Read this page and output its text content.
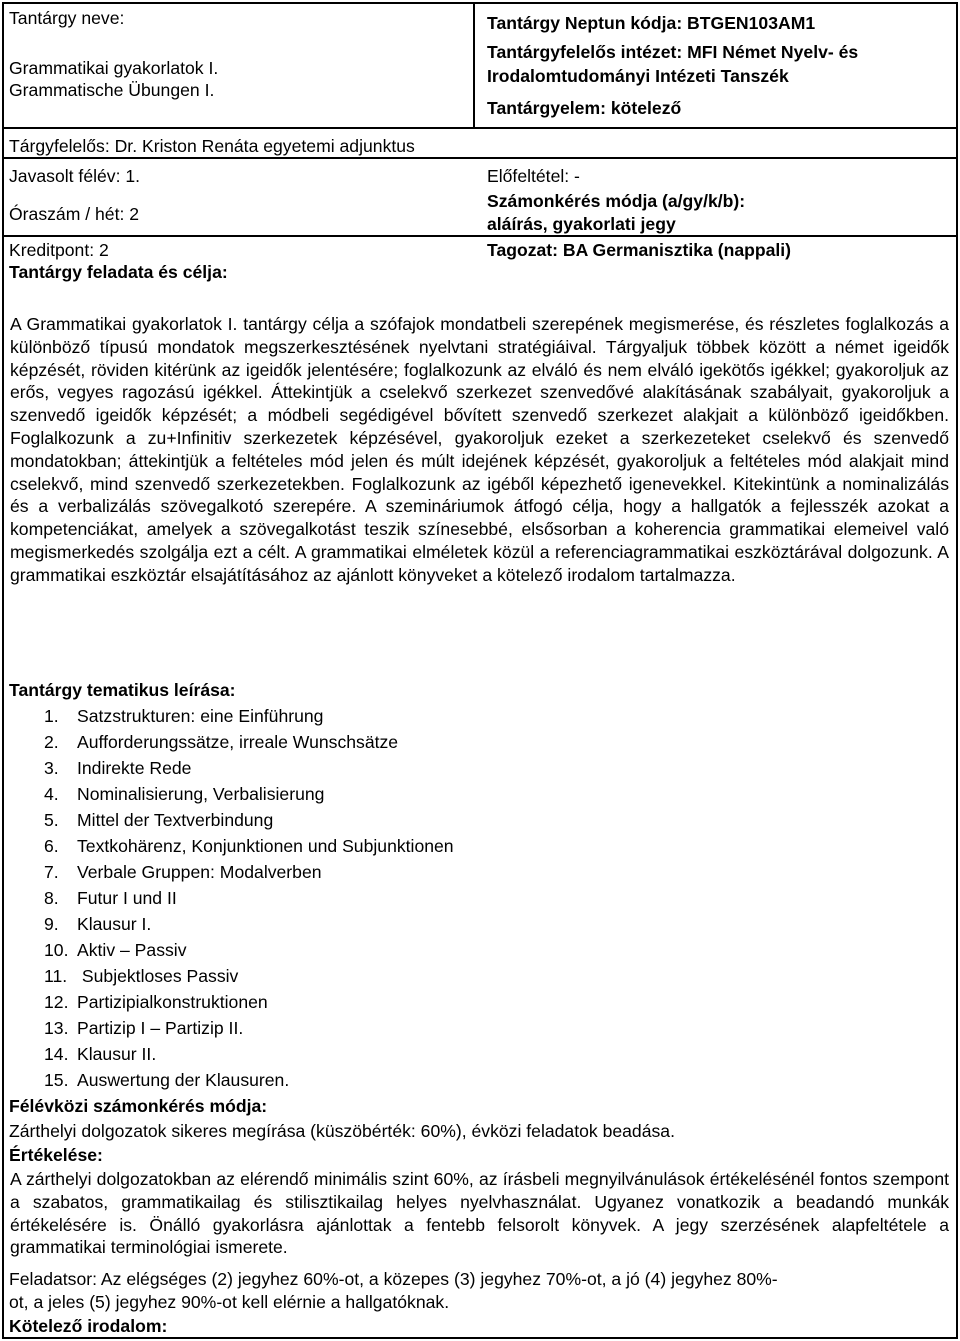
Tantárgy neve:
Grammatikai gyakorlatok I.
Grammatische Übungen I.
Tantárgy Neptun kódja: BTGEN103AM1
Tantárgyfelelős intézet: MFI Német Nyelv- és
Irodalomtudományi Intézeti Tanszék
Tantárgyelem: kötelező
Tárgyfelelős: Dr. Kriston Renáta egyetemi adjunktus
Javasolt félév: 1.	Előfeltétel: -
Óraszám / hét: 2
Számonkérés módja (a/gy/k/b):
aláírás, gyakorlati jegy
Kreditpont: 2	Tagozat: BA Germanisztika (nappali)
Tantárgy feladata és célja:

A Grammatikai gyakorlatok I. tantárgy célja a szófajok mondatbeli szerepének megismerése, és részletes foglalkozás a különböző típusú mondatok megszerkesztésének nyelvtani stratégiáival. Tárgyaljuk többek között a német igeidők képzését, röviden kitérünk az igeidők jelentésére; foglalkozunk az elváló és nem elváló igekötős igékkel; gyakoroljuk az erős, vegyes ragozású igékkel. Áttekintjük a cselekvő szerkezet szenvedővé alakításának szabályait, gyakoroljuk a szenvedő igeidők képzését; a módbeli segédigével bővített szenvedő szerkezet alakjait a különböző igeidőkben. Foglalkozunk a zu+Infinitiv szerkezetek képzésével, gyakoroljuk ezeket a szerkezeteket cselekvő és szenvedő mondatokban; áttekintjük a feltételes mód jelen és múlt idejének képzését, gyakoroljuk a feltételes mód alakjait mind cselekvő, mind szenvedő szerkezetekben. Foglalkozunk az igéből képezhető igenevekkel. Kitekintünk a nominalizálás és a verbalizálás szövegalkotó szerepére. A szemináriumok átfogó célja, hogy a hallgatók a fejlesszék azokat a kompetenciákat, amelyek a szövegalkotást teszik színesebbé, elsősorban a koherencia grammatikai elemeivel való megismerkedés szolgálja ezt a célt. A grammatikai elméletek közül a referenciagrammatikai eszköztárával dolgozunk. A grammatikai eszköztár elsajátításához az ajánlott könyveket a kötelező irodalom tartalmazza.

Tantárgy tematikus leírása:
1. Satzstrukturen: eine Einführung
2. Aufforderungssätze, irreale Wunschsätze
3. Indirekte Rede
4. Nominalisierung, Verbalisierung
5. Mittel der Textverbindung
6. Textkohärenz, Konjunktionen und Subjunktionen
7. Verbale Gruppen: Modalverben
8. Futur I und II
9. Klausur I.
10. Aktiv – Passiv
11. Subjektloses Passiv
12. Partizipialkonstruktionen
13. Partizip I – Partizip II.
14. Klausur II.
15. Auswertung der Klausuren.
Félévközi számonkérés módja:
Zárthelyi dolgozatok sikeres megírása (küszöbérték: 60%), évközi feladatok beadása.
Értékelése:

A zárthelyi dolgozatokban az elérendő minimális szint 60%, az írásbeli megnyilvánulások értékelésénél fontos szempont a szabatos, grammatikailag és stilisztikailag helyes nyelvhasználat. Ugyanez vonatkozik a beadandó munkák értékelésére is. Önálló gyakorlásra ajánlottak a fentebb felsorolt könyvek. A jegy szerzésének alapfeltétele a grammatikai terminológiai ismerete.

Feladatsor: Az elégséges (2) jegyhez 60%-ot, a közepes (3) jegyhez 70%-ot, a jó (4) jegyhez 80%-
ot, a jeles (5) jegyhez 90%-ot kell elérnie a hallgatóknak.
Kötelező irodalom:
